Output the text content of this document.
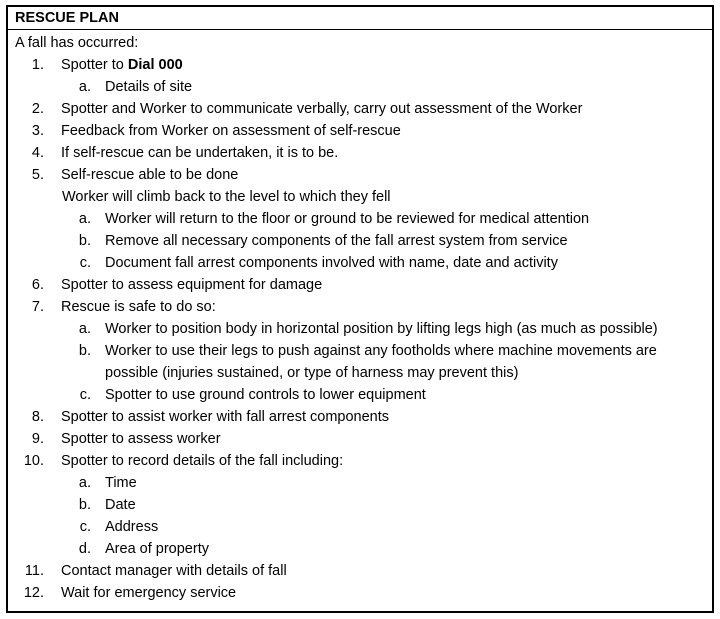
RESCUE PLAN
A fall has occurred:
1.	Spotter to Dial 000
a. Details of site
2.	Spotter and Worker to communicate verbally, carry out assessment of the Worker
3.	Feedback from Worker on assessment of self-rescue
4.	If self-rescue can be undertaken, it is to be.
5.	Self-rescue able to be done
Worker will climb back to the level to which they fell
a. Worker will return to the floor or ground to be reviewed for medical attention
b. Remove all necessary components of the fall arrest system from service
c. Document fall arrest components involved with name, date and activity
6.	Spotter to assess equipment for damage
7.	Rescue is safe to do so:
a. Worker to position body in horizontal position by lifting legs high (as much as possible)
b. Worker to use their legs to push against any footholds where machine movements are possible (injuries sustained, or type of harness may prevent this)
c. Spotter to use ground controls to lower equipment
8.	Spotter to assist worker with fall arrest components
9.	Spotter to assess worker
10.	Spotter to record details of the fall including:
a. Time
b. Date
c. Address
d. Area of property
11.	Contact manager with details of fall
12.	Wait for emergency service
